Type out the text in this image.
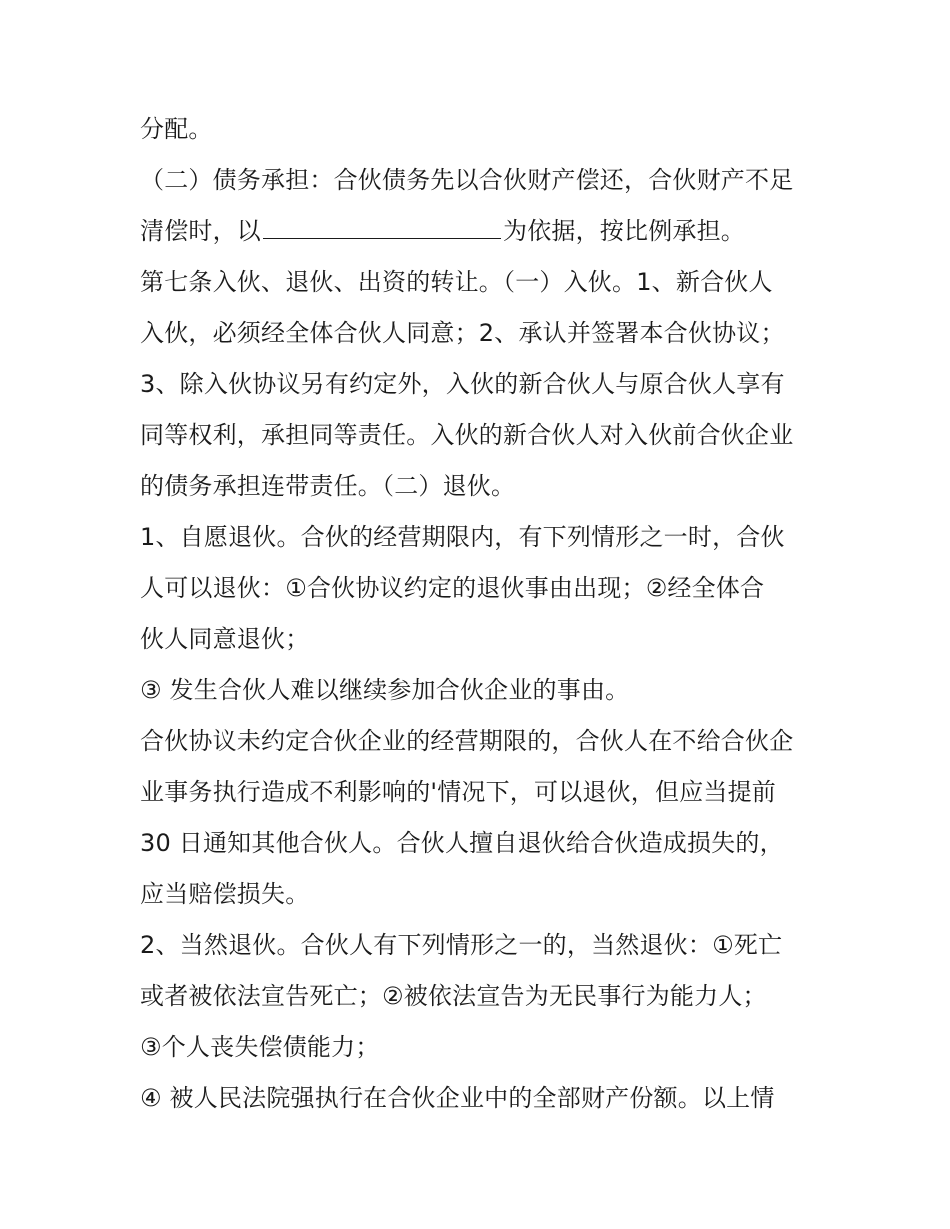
分配。
（二）债务承担：合伙债务先以合伙财产偿还，合伙财产不足
清偿时，以	为依据，按比例承担。
第七条入伙、退伙、出资的转让。（一）入伙。1、新合伙人
入伙，必须经全体合伙人同意；2、承认并签署本合伙协议；
3、除入伙协议另有约定外，入伙的新合伙人与原合伙人享有
同等权利，承担同等责任。入伙的新合伙人对入伙前合伙企业
的债务承担连带责任。（二）退伙。
1、自愿退伙。合伙的经营期限内，有下列情形之一时，合伙
人可以退伙：①合伙协议约定的退伙事由出现；②经全体合
伙人同意退伙；
③ 发生合伙人难以继续参加合伙企业的事由。
合伙协议未约定合伙企业的经营期限的，合伙人在不给合伙企
业事务执行造成不利影响的'情况下，可以退伙，但应当提前
30 日通知其他合伙人。合伙人擅自退伙给合伙造成损失的，
应当赔偿损失。
2、当然退伙。合伙人有下列情形之一的，当然退伙：①死亡
或者被依法宣告死亡；②被依法宣告为无民事行为能力人；
③个人丧失偿债能力；
④ 被人民法院强执行在合伙企业中的全部财产份额。以上情
